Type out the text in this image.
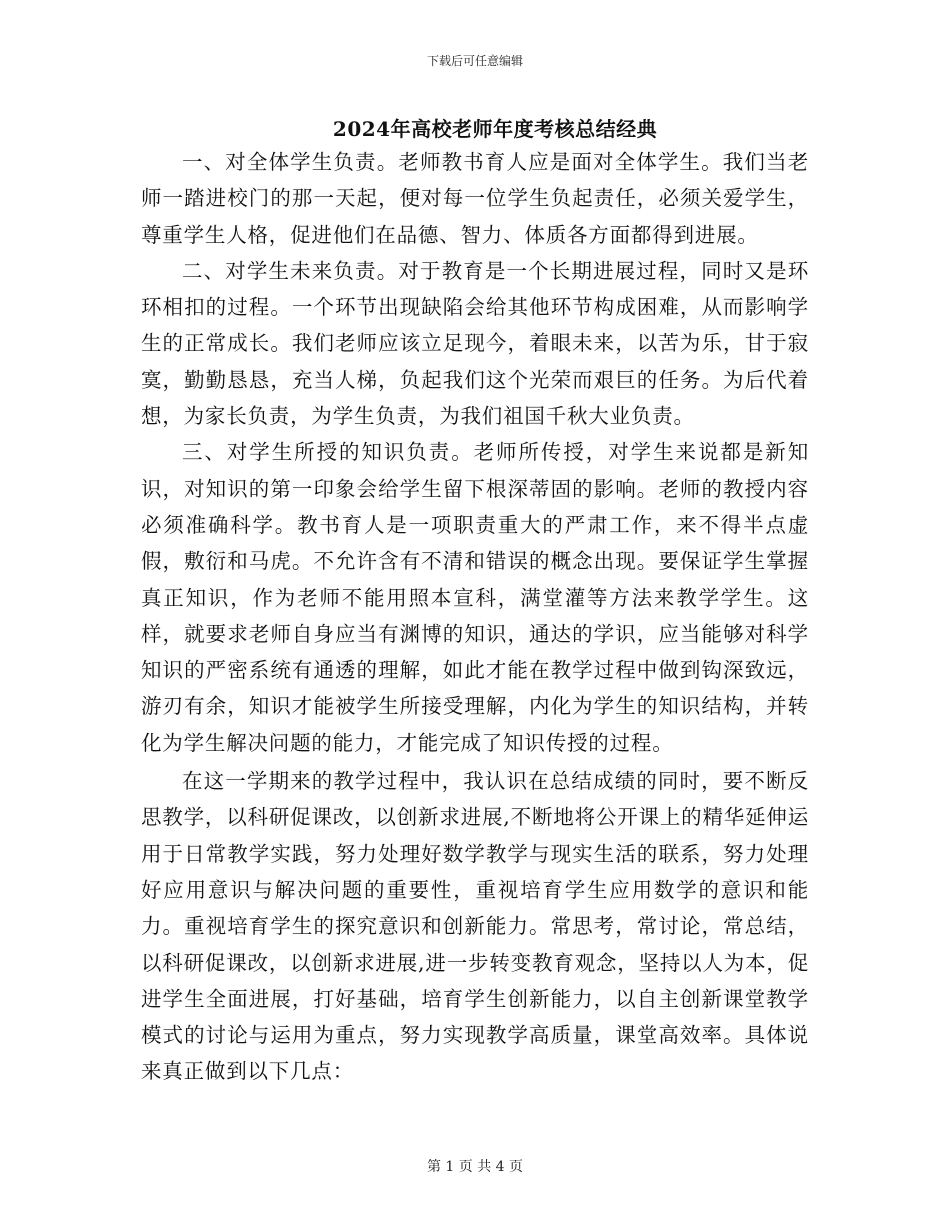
下载后可任意编辑
2024年高校老师年度考核总结经典

一、对全体学生负责。老师教书育人应是面对全体学生。我们当老师一踏进校门的那一天起，便对每一位学生负起责任，必须关爱学生，尊重学生人格，促进他们在品德、智力、体质各方面都得到进展。

二、对学生未来负责。对于教育是一个长期进展过程，同时又是环环相扣的过程。一个环节出现缺陷会给其他环节构成困难，从而影响学生的正常成长。我们老师应该立足现今，着眼未来，以苦为乐，甘于寂寞，勤勤恳恳，充当人梯，负起我们这个光荣而艰巨的任务。为后代着想，为家长负责，为学生负责，为我们祖国千秋大业负责。

三、对学生所授的知识负责。老师所传授，对学生来说都是新知识，对知识的第一印象会给学生留下根深蒂固的影响。老师的教授内容必须准确科学。教书育人是一项职责重大的严肃工作，来不得半点虚假，敷衍和马虎。不允许含有不清和错误的概念出现。要保证学生掌握真正知识，作为老师不能用照本宣科，满堂灌等方法来教学学生。这样，就要求老师自身应当有渊博的知识，通达的学识，应当能够对科学知识的严密系统有通透的理解，如此才能在教学过程中做到钩深致远，游刃有余，知识才能被学生所接受理解，内化为学生的知识结构，并转化为学生解决问题的能力，才能完成了知识传授的过程。

在这一学期来的教学过程中，我认识在总结成绩的同时，要不断反思教学，以科研促课改，以创新求进展,不断地将公开课上的精华延伸运用于日常教学实践，努力处理好数学教学与现实生活的联系，努力处理好应用意识与解决问题的重要性，重视培育学生应用数学的意识和能力。重视培育学生的探究意识和创新能力。常思考，常讨论，常总结，以科研促课改，以创新求进展,进一步转变教育观念，坚持以人为本，促进学生全面进展，打好基础，培育学生创新能力，以自主创新课堂教学模式的讨论与运用为重点，努力实现教学高质量，课堂高效率。具体说来真正做到以下几点：

第 1 页 共 4 页
